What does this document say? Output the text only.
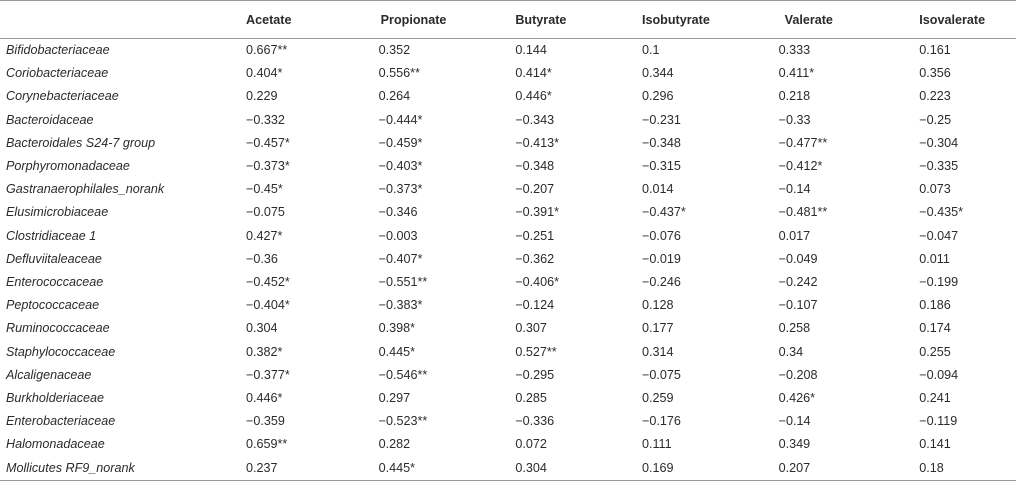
	Acetate	Propionate	Butyrate	Isobutyrate	Valerate	Isovalerate
Bifidobacteriaceae	0.667**	0.352	0.144	0.1	0.333	0.161
Coriobacteriaceae	0.404*	0.556**	0.414*	0.344	0.411*	0.356
Corynebacteriaceae	0.229	0.264	0.446*	0.296	0.218	0.223
Bacteroidaceae	−0.332	−0.444*	−0.343	−0.231	−0.33	−0.25
Bacteroidales S24-7 group	−0.457*	−0.459*	−0.413*	−0.348	−0.477**	−0.304
Porphyromonadaceae	−0.373*	−0.403*	−0.348	−0.315	−0.412*	−0.335
Gastranaerophilales_norank	−0.45*	−0.373*	−0.207	0.014	−0.14	0.073
Elusimicrobiaceae	−0.075	−0.346	−0.391*	−0.437*	−0.481**	−0.435*
Clostridiaceae 1	0.427*	−0.003	−0.251	−0.076	0.017	−0.047
Defluviitaleaceae	−0.36	−0.407*	−0.362	−0.019	−0.049	0.011
Enterococcaceae	−0.452*	−0.551**	−0.406*	−0.246	−0.242	−0.199
Peptococcaceae	−0.404*	−0.383*	−0.124	0.128	−0.107	0.186
Ruminococcaceae	0.304	0.398*	0.307	0.177	0.258	0.174
Staphylococcaceae	0.382*	0.445*	0.527**	0.314	0.34	0.255
Alcaligenaceae	−0.377*	−0.546**	−0.295	−0.075	−0.208	−0.094
Burkholderiaceae	0.446*	0.297	0.285	0.259	0.426*	0.241
Enterobacteriaceae	−0.359	−0.523**	−0.336	−0.176	−0.14	−0.119
Halomonadaceae	0.659**	0.282	0.072	0.111	0.349	0.141
Mollicutes RF9_norank	0.237	0.445*	0.304	0.169	0.207	0.18
